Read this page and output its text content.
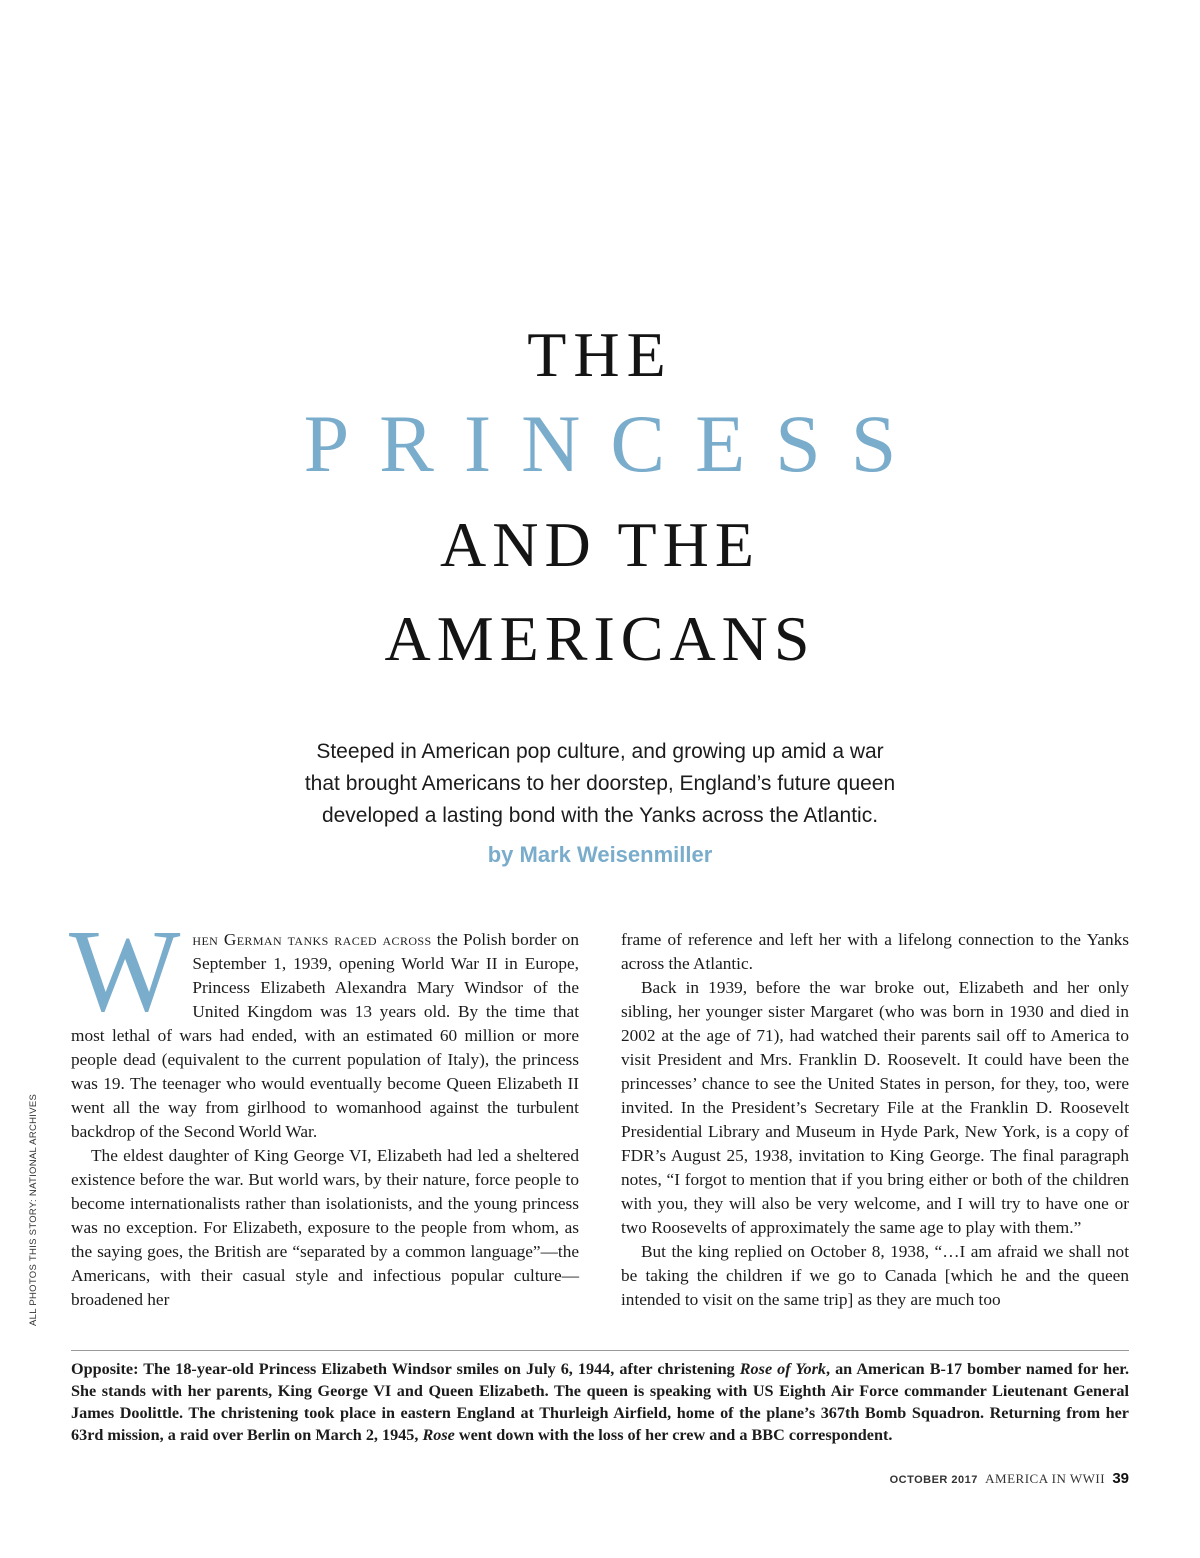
THE
PRINCESS
AND THE
AMERICANS
Steeped in American pop culture, and growing up amid a war
that brought Americans to her doorstep, England’s future queen
developed a lasting bond with the Yanks across the Atlantic.
by Mark Weisenmiller

When German tanks raced across the Polish border on September 1, 1939, opening World War II in Europe, Princess Elizabeth Alexandra Mary Windsor of the United Kingdom was 13 years old. By the time that most lethal of wars had ended, with an estimated 60 million or more people dead (equivalent to the current population of Italy), the princess was 19. The teenager who would eventually become Queen Elizabeth II went all the way from girlhood to womanhood against the turbulent backdrop of the Second World War.

The eldest daughter of King George VI, Elizabeth had led a sheltered existence before the war. But world wars, by their nature, force people to become internationalists rather than isolationists, and the young princess was no exception. For Elizabeth, exposure to the people from whom, as the saying goes, the British are “separated by a common language”—the Americans, with their casual style and infectious popular culture—broadened her

frame of reference and left her with a lifelong connection to the Yanks across the Atlantic.

Back in 1939, before the war broke out, Elizabeth and her only sibling, her younger sister Margaret (who was born in 1930 and died in 2002 at the age of 71), had watched their parents sail off to America to visit President and Mrs. Franklin D. Roosevelt. It could have been the princesses’ chance to see the United States in person, for they, too, were invited. In the President’s Secretary File at the Franklin D. Roosevelt Presidential Library and Museum in Hyde Park, New York, is a copy of FDR’s August 25, 1938, invitation to King George. The final paragraph notes, “I forgot to mention that if you bring either or both of the children with you, they will also be very welcome, and I will try to have one or two Roosevelts of approximately the same age to play with them.”

But the king replied on October 8, 1938, “…I am afraid we shall not be taking the children if we go to Canada [which he and the queen intended to visit on the same trip] as they are much too

ALL PHOTOS THIS STORY: NATIONAL ARCHIVES
Opposite: The 18-year-old Princess Elizabeth Windsor smiles on July 6, 1944, after christening Rose of York, an American B-17 bomber named for her. She stands with her parents, King George VI and Queen Elizabeth. The queen is speaking with US Eighth Air Force commander Lieutenant General James Doolittle. The christening took place in eastern England at Thurleigh Airfield, home of the plane’s 367th Bomb Squadron. Returning from her 63rd mission, a raid over Berlin on March 2, 1945, Rose went down with the loss of her crew and a BBC correspondent.
OCTOBER 2017 AMERICA IN WWII 39
